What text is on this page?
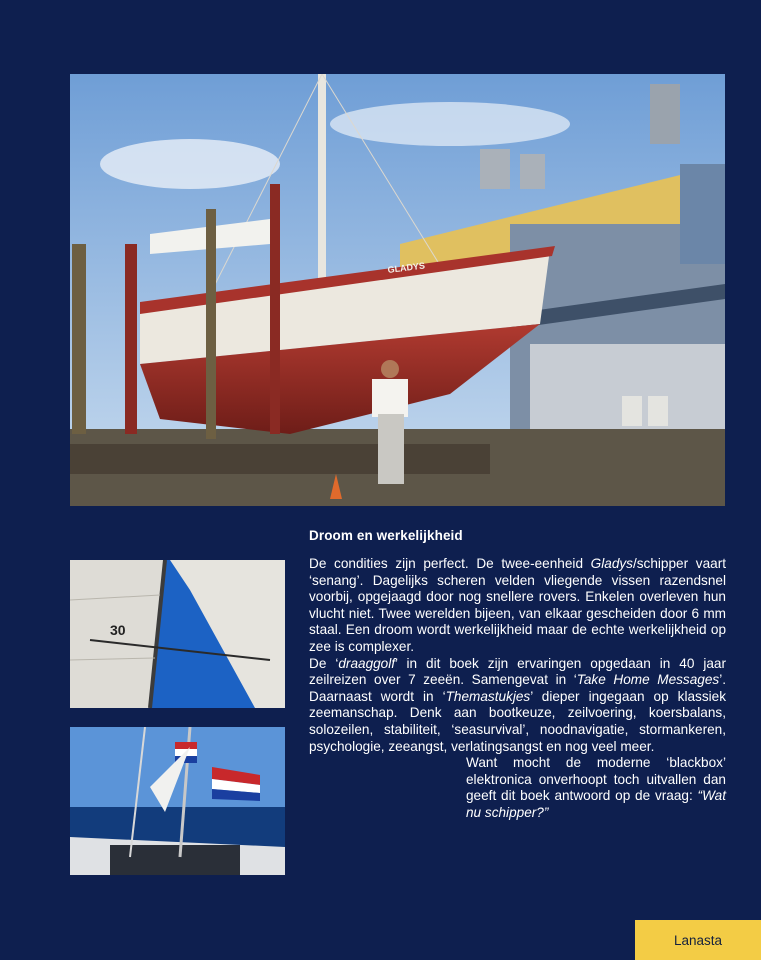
GLADYS
30
Droom en werkelijkheid

De condities zijn perfect. De twee-eenheid Gladys/schipper vaart ‘senang’. Dagelijks scheren velden vliegende vissen razendsnel voorbij, opgejaagd door nog snellere rovers. Enkelen overleven hun vlucht niet. Twee werelden bijeen, van elkaar gescheiden door 6 mm staal. Een droom wordt werkelijkheid maar de echte werkelijkheid op zee is complexer.

De ‘draaggolf’ in dit boek zijn ervaringen opgedaan in 40 jaar zeilreizen over 7 zeeën. Samengevat in ‘Take Home Messages’. Daarnaast wordt in ‘Themastukjes’ dieper ingegaan op klassiek zeemanschap. Denk aan bootkeuze, zeilvoering, koersbalans, solozeilen, stabiliteit, ‘seasurvival’, noodnavigatie, stormankeren, psychologie, zeeangst, verlatingsangst en nog veel meer.

Want mocht de moderne ‘blackbox’ elektronica onverhoopt toch uitvallen dan geeft dit boek antwoord op de vraag: “Wat nu schipper?”

Lanasta
